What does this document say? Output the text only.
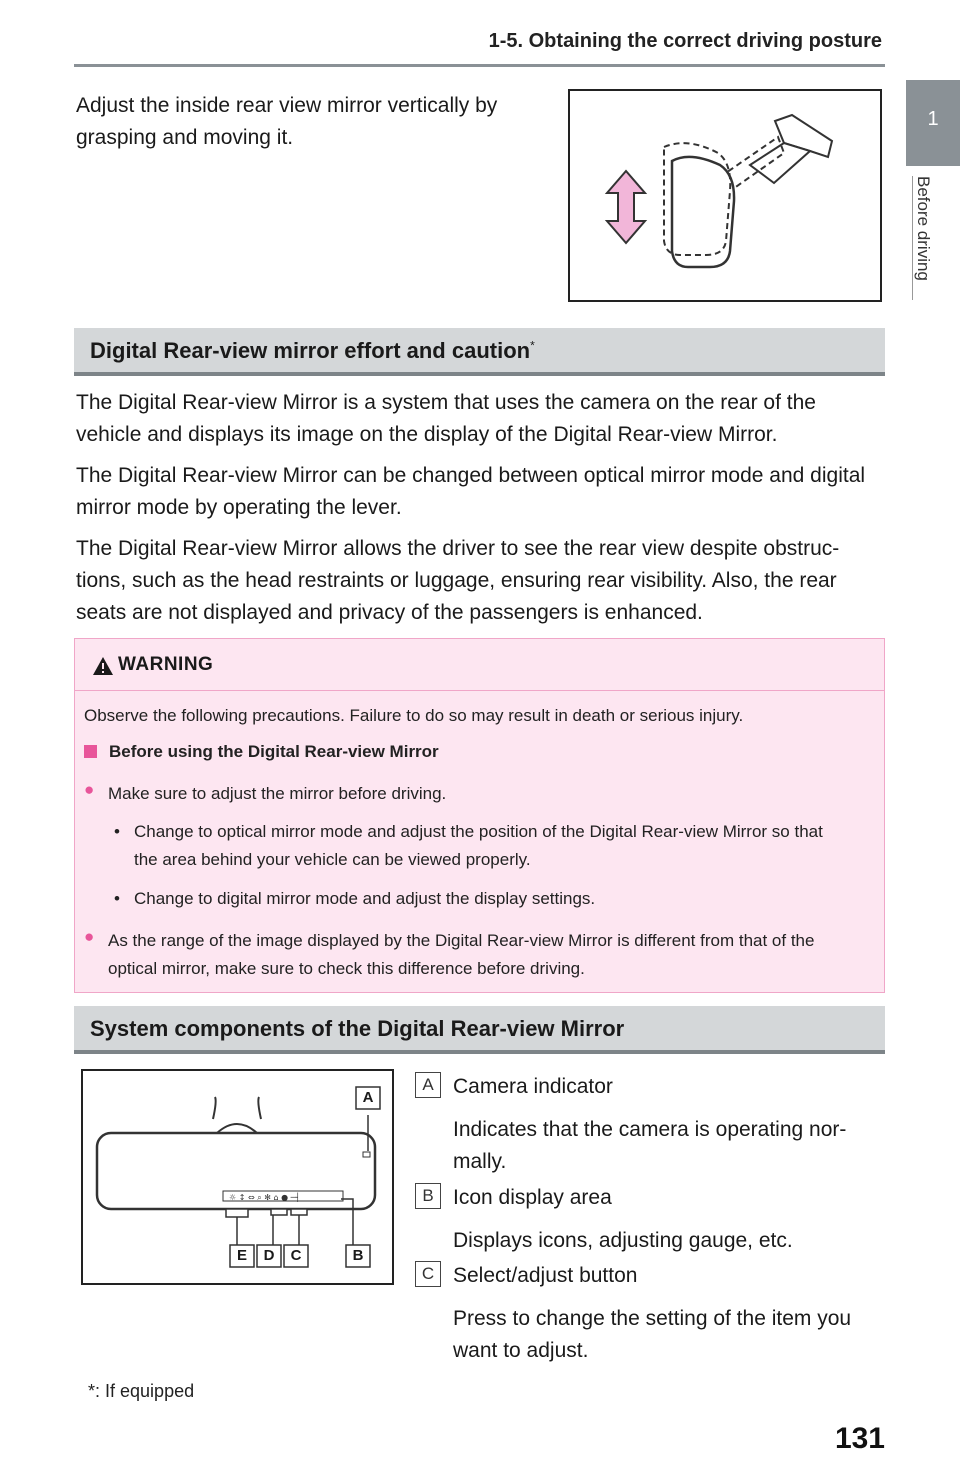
1-5. Obtaining the correct driving posture
1
Before driving
Adjust the inside rear view mirror vertically by grasping and moving it.
Digital Rear-view mirror effort and caution*

The Digital Rear-view Mirror is a system that uses the camera on the rear of the vehicle and displays its image on the display of the Digital Rear-view Mirror.

The Digital Rear-view Mirror can be changed between optical mirror mode and digital mirror mode by operating the lever.

The Digital Rear-view Mirror allows the driver to see the rear view despite obstruc-tions, such as the head restraints or luggage, ensuring rear visibility. Also, the rear seats are not displayed and privacy of the passengers is enhanced.

WARNING
Observe the following precautions. Failure to do so may result in death or serious injury.
Before using the Digital Rear-view Mirror
● Make sure to adjust the mirror before driving.
• Change to optical mirror mode and adjust the position of the Digital Rear-view Mirror so that the area behind your vehicle can be viewed properly.
• Change to digital mirror mode and adjust the display settings.
● As the range of the image displayed by the Digital Rear-view Mirror is different from that of the optical mirror, make sure to check this difference before driving.
System components of the Digital Rear-view Mirror
☼ ↕ ⇔ ⌕ ✻ ⌂ ● ─┤
A
E	D	C	B
A Camera indicator
Indicates that the camera is operating nor-mally.
B Icon display area
Displays icons, adjusting gauge, etc.
C Select/adjust button
Press to change the setting of the item you want to adjust.
*: If equipped
131
